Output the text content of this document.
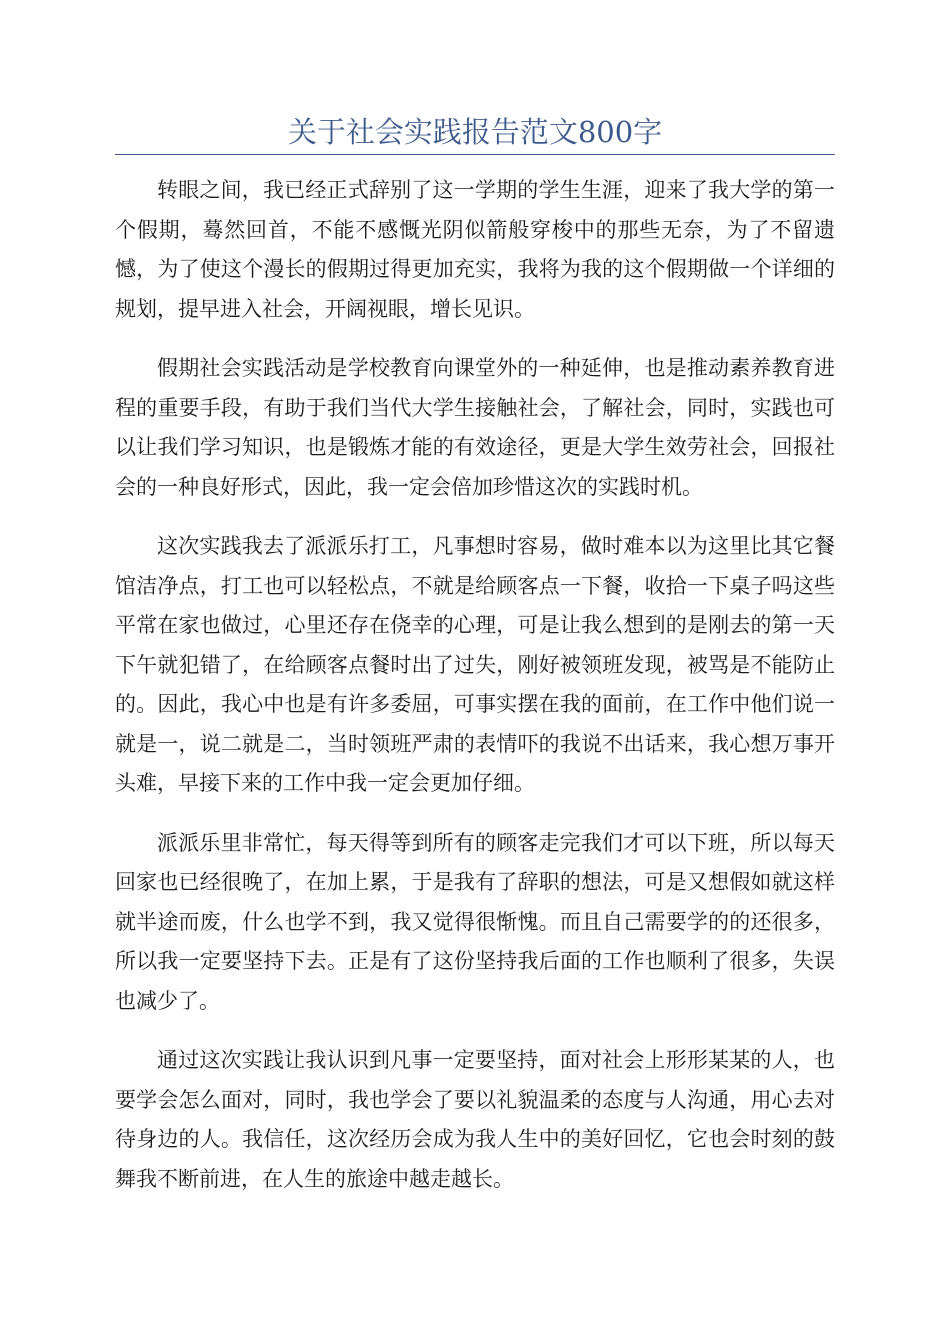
关于社会实践报告范文800字

转眼之间，我已经正式辞别了这一学期的学生生涯，迎来了我大学的第一个假期，蓦然回首，不能不感慨光阴似箭般穿梭中的那些无奈，为了不留遗憾，为了使这个漫长的假期过得更加充实，我将为我的这个假期做一个详细的规划，提早进入社会，开阔视眼，增长见识。

假期社会实践活动是学校教育向课堂外的一种延伸，也是推动素养教育进程的重要手段，有助于我们当代大学生接触社会，了解社会，同时，实践也可以让我们学习知识，也是锻炼才能的有效途径，更是大学生效劳社会，回报社会的一种良好形式，因此，我一定会倍加珍惜这次的实践时机。

这次实践我去了派派乐打工，凡事想时容易，做时难本以为这里比其它餐馆洁净点，打工也可以轻松点，不就是给顾客点一下餐，收拾一下桌子吗这些平常在家也做过，心里还存在侥幸的心理，可是让我么想到的是刚去的第一天下午就犯错了，在给顾客点餐时出了过失，刚好被领班发现，被骂是不能防止的。因此，我心中也是有许多委屈，可事实摆在我的面前，在工作中他们说一就是一，说二就是二，当时领班严肃的表情吓的我说不出话来，我心想万事开头难，早接下来的工作中我一定会更加仔细。

派派乐里非常忙，每天得等到所有的顾客走完我们才可以下班，所以每天回家也已经很晚了，在加上累，于是我有了辞职的想法，可是又想假如就这样就半途而废，什么也学不到，我又觉得很惭愧。而且自己需要学的的还很多，所以我一定要坚持下去。正是有了这份坚持我后面的工作也顺利了很多，失误也减少了。

通过这次实践让我认识到凡事一定要坚持，面对社会上形形某某的人，也要学会怎么面对，同时，我也学会了要以礼貌温柔的态度与人沟通，用心去对待身边的人。我信任，这次经历会成为我人生中的美好回忆，它也会时刻的鼓舞我不断前进，在人生的旅途中越走越长。
